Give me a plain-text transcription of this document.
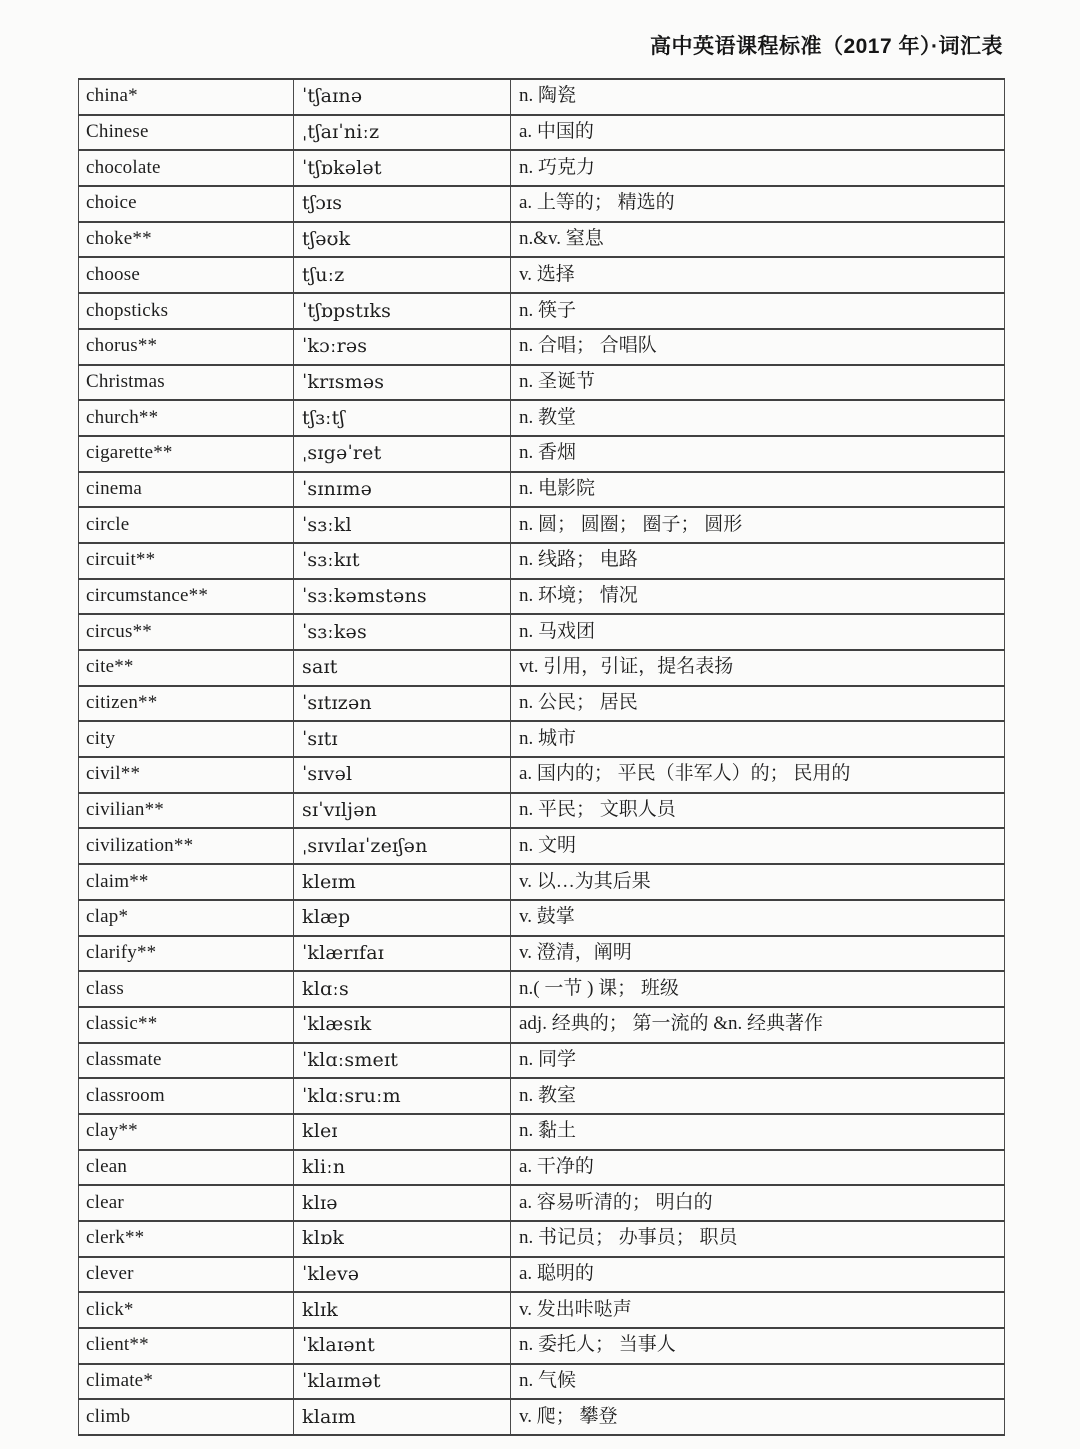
高中英语课程标准（2017 年）·词汇表
china*	ˈtʃaɪnə	n. 陶瓷
Chinese	ˌtʃaɪˈniːz	a. 中国的
chocolate	ˈtʃɒkələt	n. 巧克力
choice	tʃɔɪs	a. 上等的； 精选的
choke**	tʃəʊk	n.&v. 窒息
choose	tʃuːz	v. 选择
chopsticks	ˈtʃɒpstɪks	n. 筷子
chorus**	ˈkɔːrəs	n. 合唱； 合唱队
Christmas	ˈkrɪsməs	n. 圣诞节
church**	tʃɜːtʃ	n. 教堂
cigarette**	ˌsɪgəˈret	n. 香烟
cinema	ˈsɪnɪmə	n. 电影院
circle	ˈsɜːkl	n. 圆； 圆圈； 圈子； 圆形
circuit**	ˈsɜːkɪt	n. 线路； 电路
circumstance**	ˈsɜːkəmstəns	n. 环境； 情况
circus**	ˈsɜːkəs	n. 马戏团
cite**	saɪt	vt. 引用，引证，提名表扬
citizen**	ˈsɪtɪzən	n. 公民； 居民
city	ˈsɪtɪ	n. 城市
civil**	ˈsɪvəl	a. 国内的； 平民（非军人）的； 民用的
civilian**	sɪˈvɪljən	n. 平民； 文职人员
civilization**	ˌsɪvɪlaɪˈzeɪʃən	n. 文明
claim**	kleɪm	v. 以…为其后果
clap*	klæp	v. 鼓掌
clarify**	ˈklærɪfaɪ	v. 澄清，阐明
class	klɑːs	n.( 一节 ) 课； 班级
classic**	ˈklæsɪk	adj. 经典的； 第一流的 &n. 经典著作
classmate	ˈklɑːsmeɪt	n. 同学
classroom	ˈklɑːsruːm	n. 教室
clay**	kleɪ	n. 黏土
clean	kliːn	a. 干净的
clear	klɪə	a. 容易听清的； 明白的
clerk**	klɒk	n. 书记员； 办事员； 职员
clever	ˈklevə	a. 聪明的
click*	klɪk	v. 发出咔哒声
client**	ˈklaɪənt	n. 委托人； 当事人
climate*	ˈklaɪmət	n. 气候
climb	klaɪm	v. 爬； 攀登
